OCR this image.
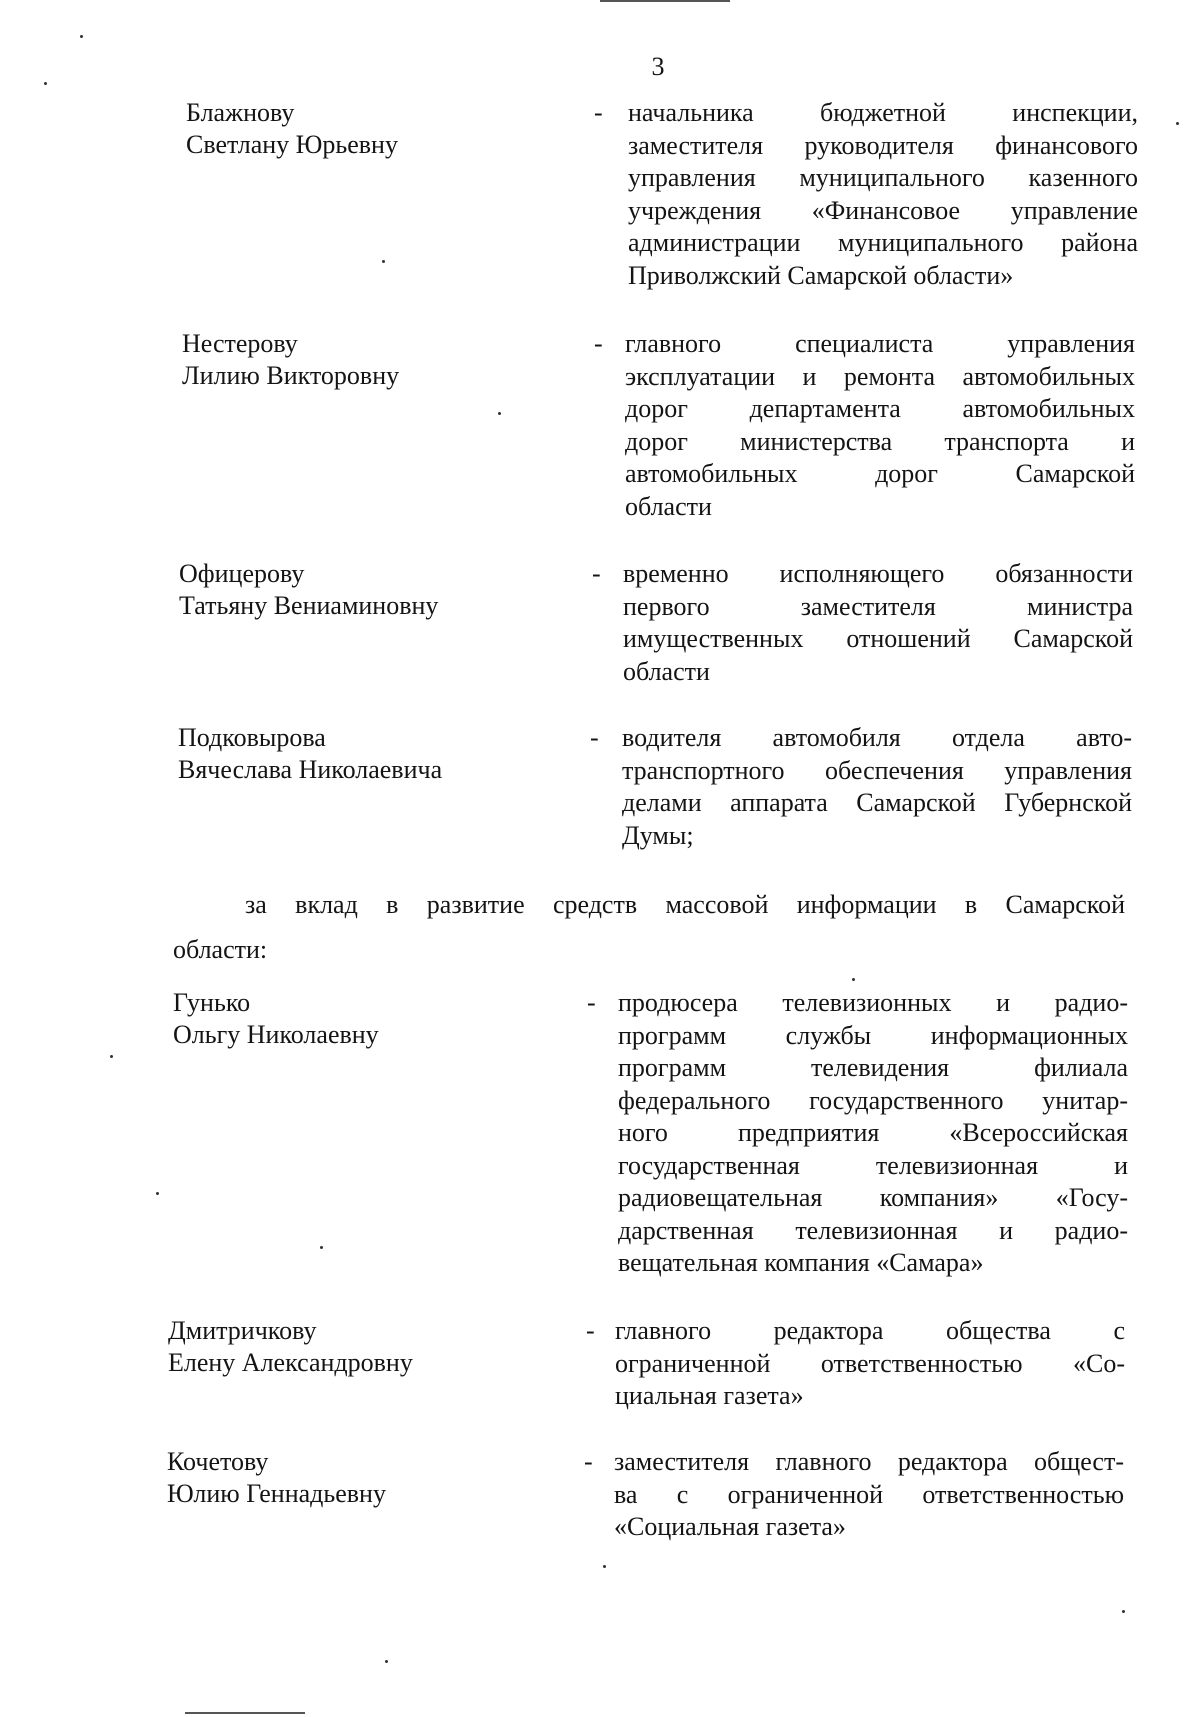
3
Блажнову
Светлану Юрьевну
- начальника бюджетной инспекции,
заместителя руководителя финансового
управления муниципального казенного
учреждения «Финансовое управление
администрации муниципального района
Приволжский Самарской области»
Нестерову
Лилию Викторовну
- главного специалиста управления
эксплуатации и ремонта автомобильных
дорог департамента автомобильных
дорог министерства транспорта и
автомобильных дорог Самарской
области
Офицерову
Татьяну Вениаминовну
- временно исполняющего обязанности
первого заместителя министра
имущественных отношений Самарской
области
Подковырова
Вячеслава Николаевича
- водителя автомобиля отдела авто-
транспортного обеспечения управления
делами аппарата Самарской Губернской
Думы;
за вклад в развитие средств массовой информации в Самарской
области:
Гунько
Ольгу Николаевну
- продюсера телевизионных и радио-
программ службы информационных
программ телевидения филиала
федерального государственного унитар-
ного предприятия «Всероссийская
государственная телевизионная и
радиовещательная компания» «Госу-
дарственная телевизионная и радио-
вещательная компания «Самара»
Дмитричкову
Елену Александровну
- главного редактора общества с
ограниченной ответственностью «Со-
циальная газета»
Кочетову
Юлию Геннадьевну
- заместителя главного редактора общест-
ва с ограниченной ответственностью
«Социальная газета»
